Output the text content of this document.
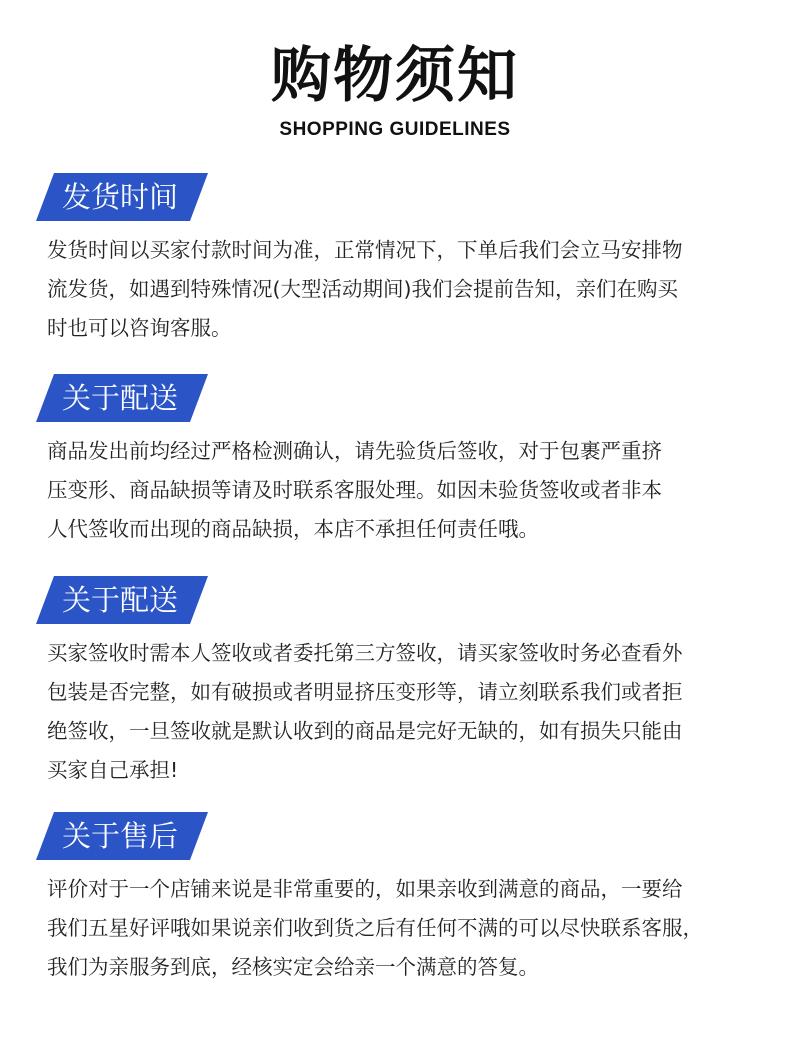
购物须知
SHOPPING GUIDELINES
发货时间

发货时间以买家付款时间为准，正常情况下，下单后我们会立马安排物

流发货，如遇到特殊情况(大型活动期间)我们会提前告知，亲们在购买

时也可以咨询客服。

关于配送

商品发出前均经过严格检测确认，请先验货后签收，对于包裹严重挤

压变形、商品缺损等请及时联系客服处理。如因未验货签收或者非本

人代签收而出现的商品缺损，本店不承担任何责任哦。

关于配送

买家签收时需本人签收或者委托第三方签收，请买家签收时务必查看外

包装是否完整，如有破损或者明显挤压变形等，请立刻联系我们或者拒

绝签收，一旦签收就是默认收到的商品是完好无缺的，如有损失只能由

买家自己承担!

关于售后

评价对于一个店铺来说是非常重要的，如果亲收到满意的商品，一要给

我们五星好评哦如果说亲们收到货之后有任何不满的可以尽快联系客服，

我们为亲服务到底，经核实定会给亲一个满意的答复。
